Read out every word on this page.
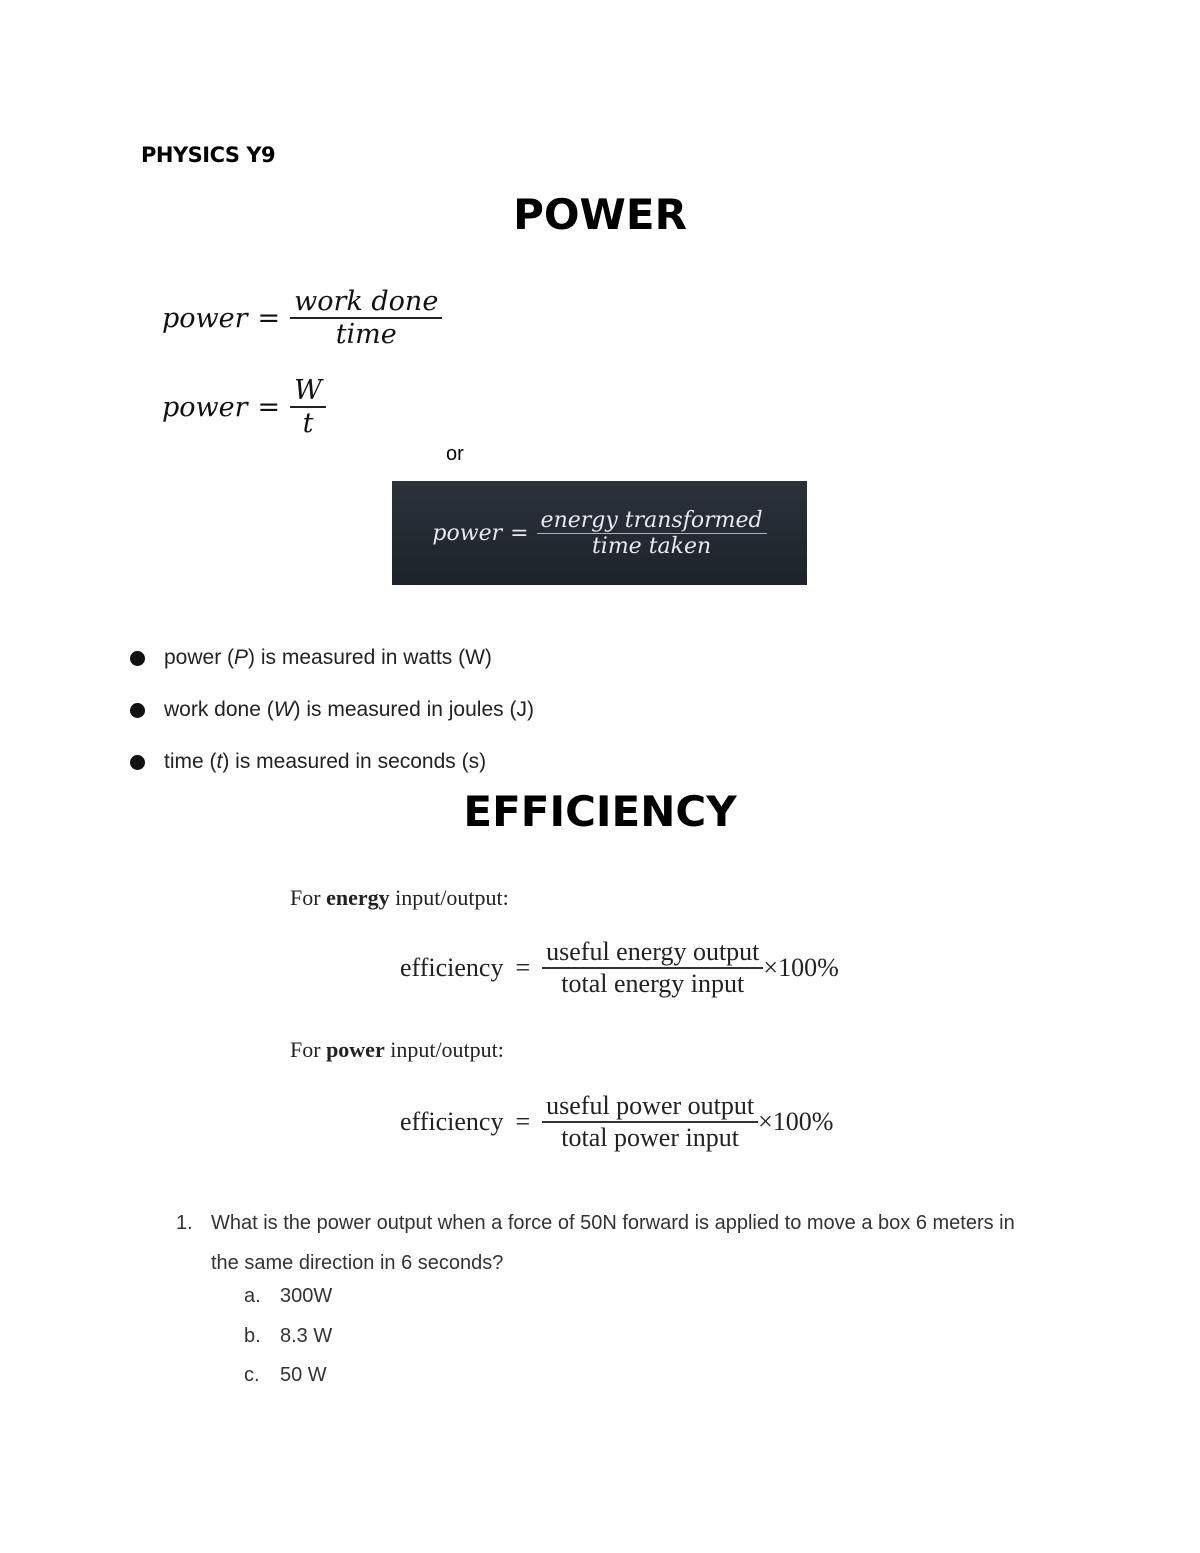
PHYSICS Y9
POWER
power = $\frac{\text{work done}}{\text{time}}$
power = $\frac{W}{t}$
or
power = $\frac{\text{energy transformed}}{\text{time taken}}$
power (P) is measured in watts (W)
work done (W) is measured in joules (J)
time (t) is measured in seconds (s)
EFFICIENCY
For energy input/output:
efficiency = $\frac{\text{useful energy output}}{\text{total energy input}} \times 100\%$
For power input/output:
efficiency = $\frac{\text{useful power output}}{\text{total power input}} \times 100\%$
1. What is the power output when a force of 50N forward is applied to move a box 6 meters in the same direction in 6 seconds?
a. 300W
b. 8.3 W
c.	50 W
